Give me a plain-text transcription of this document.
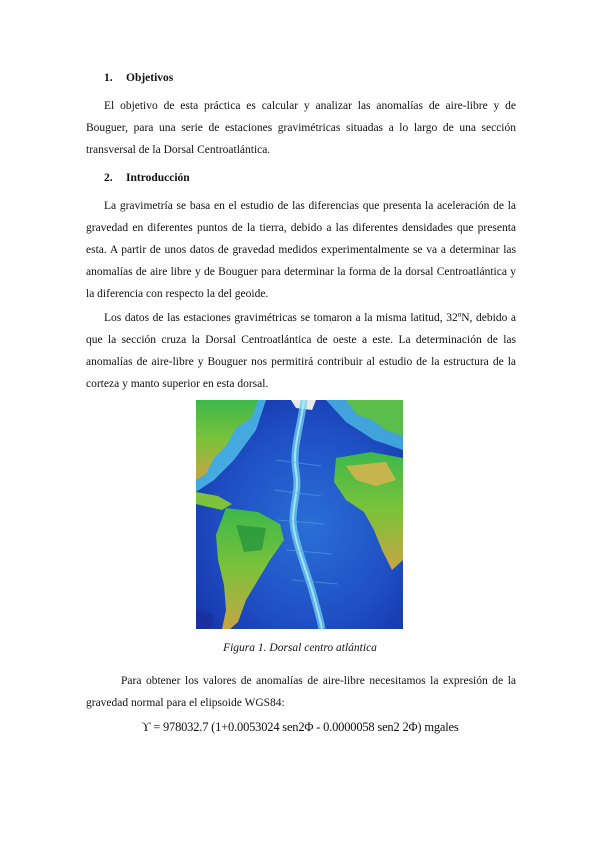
1. Objetivos

El objetivo de esta práctica es calcular y analizar las anomalías de aire-libre y de Bouguer, para una serie de estaciones gravimétricas situadas a lo largo de una sección transversal de la Dorsal Centroatlántica.

2. Introducción

La gravimetría se basa en el estudio de las diferencias que presenta la aceleración de la gravedad en diferentes puntos de la tierra, debido a las diferentes densidades que presenta esta. A partir de unos datos de gravedad medidos experimentalmente se va a determinar las anomalías de aire libre y de Bouguer para determinar la forma de la dorsal Centroatlántica y la diferencia con respecto la del geoide.

Los datos de las estaciones gravimétricas se tomaron a la misma latitud, 32ºN, debido a que la sección cruza la Dorsal Centroatlántica de oeste a este. La determinación de las anomalías de aire-libre y Bouguer nos permitirá contribuir al estudio de la estructura de la corteza y manto superior en esta dorsal.

Figura 1. Dorsal centro atlántica

Para obtener los valores de anomalías de aire-libre necesitamos la expresión de la gravedad normal para el elipsoide WGS84:

ϒ = 978032.7 (1+0.0053024 sen2Φ - 0.0000058 sen2 2Φ) mgales
